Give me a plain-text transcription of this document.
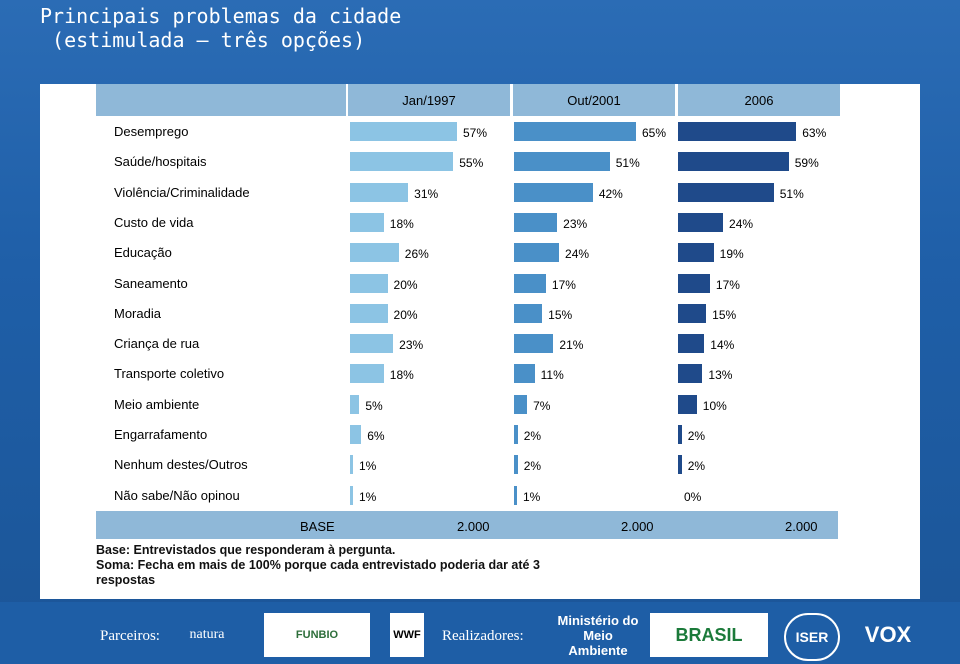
Principais problemas da cidade
(estimulada – três opções)
Jan/1997	Out/2001	2006
Desemprego	57%	65%	63%
Saúde/hospitais	55%	51%	59%
Violência/Criminalidade	31%	42%	51%
Custo de vida	18%	23%	24%
Educação	26%	24%	19%
Saneamento	20%	17%	17%
Moradia	20%	15%	15%
Criança de rua	23%	21%	14%
Transporte coletivo	18%	11%	13%
Meio ambiente	5%	7%	10%
Engarrafamento	6%	2%	2%
Nenhum destes/Outros	1%	2%	2%
Não sabe/Não opinou	1%	1%	0%
BASE	2.000	2.000	2.000
Base: Entrevistados que responderam à pergunta.
Soma: Fecha em mais de 100% porque cada entrevistado poderia dar até 3 respostas
Parceiros: natura	FUNBIO	WWF Realizadores:
Ministério do Meio Ambiente
BRASIL	ISER VOX
